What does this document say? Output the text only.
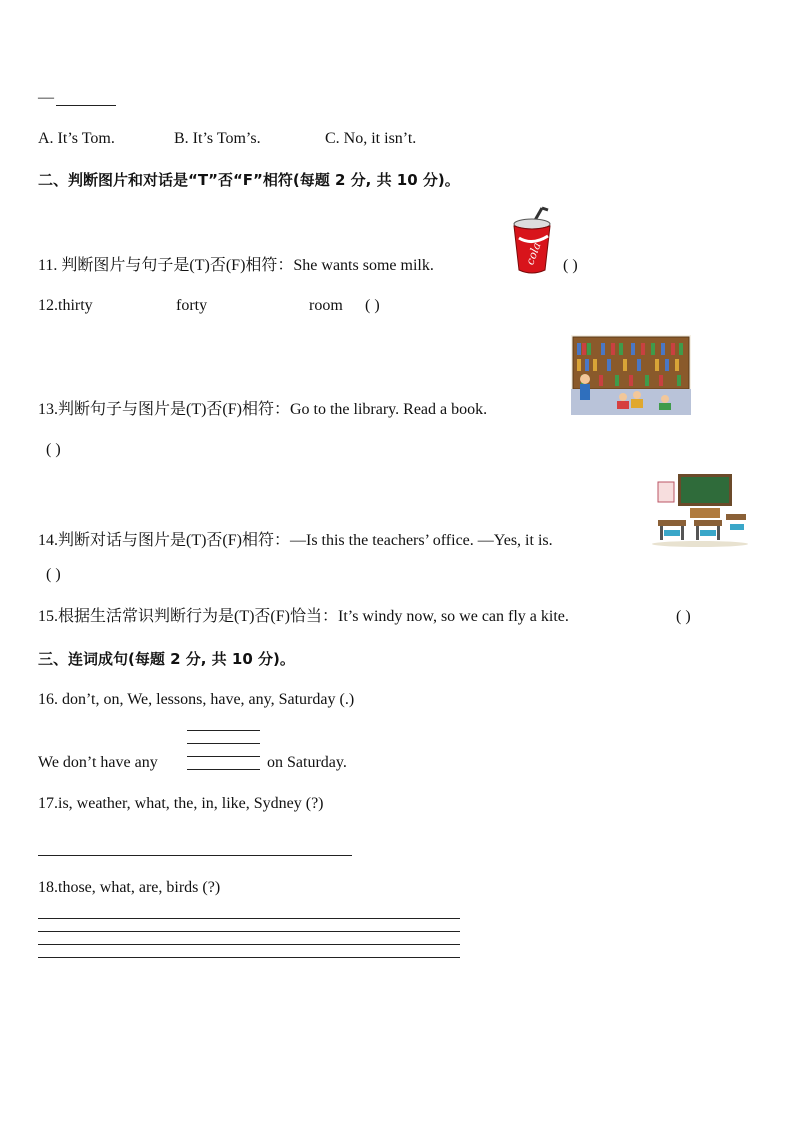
—
A. It’s Tom.	B. It’s Tom’s.	C. No, it isn’t.
二、判断图片和对话是“T”否“F”相符(每题 2 分, 共 10 分)。
11. 判断图片与句子是(T)否(F)相符：She wants some milk.	cola ( )
12.thirty	forty	room ( )
13.判断句子与图片是(T)否(F)相符：Go to the library. Read a book.
( )
14.判断对话与图片是(T)否(F)相符：—Is this the teachers’ office. —Yes, it is.
( )
15.根据生活常识判断行为是(T)否(F)恰当：It’s windy now, so we can fly a kite.	( )
三、连词成句(每题 2 分, 共 10 分)。
16. don’t, on, We, lessons, have, any, Saturday (.)
We don’t have any	on Saturday.
17.is, weather, what, the, in, like, Sydney (?)
18.those, what, are, birds (?)
